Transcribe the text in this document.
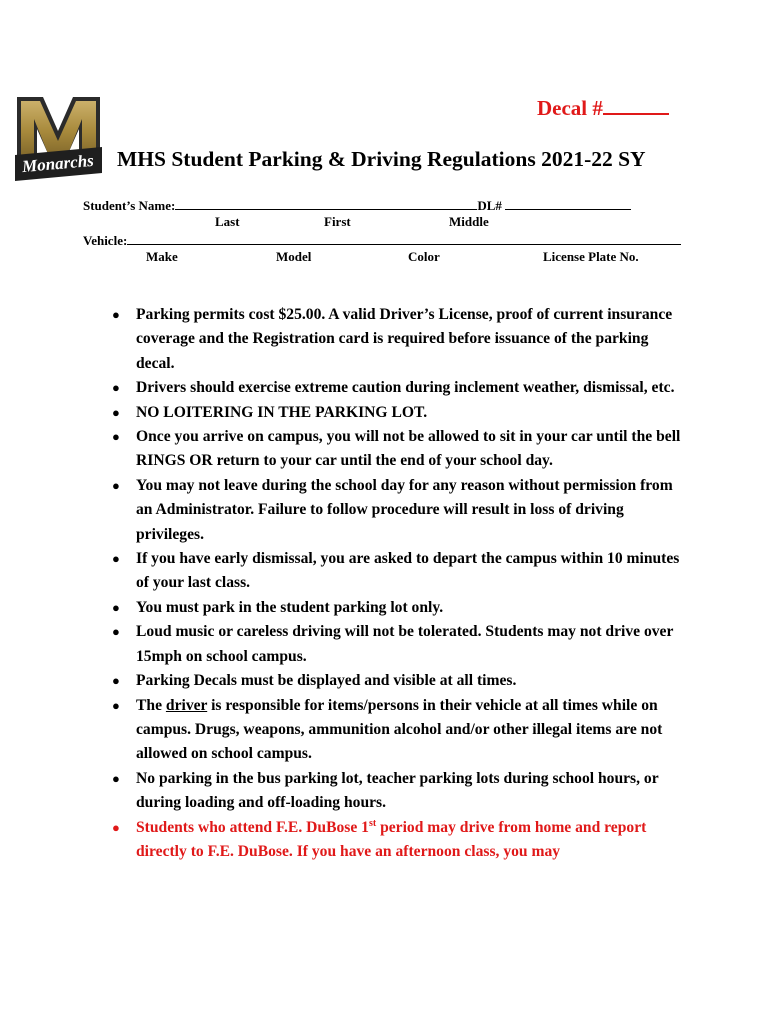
Monarchs
Decal #
MHS Student Parking & Driving Regulations 2021-22 SY
Student’s Name:	DL#
Last	First	Middle
Vehicle:
Make	Model	Color	License Plate No.
● Parking permits cost $25.00. A valid Driver’s License, proof of current insurance coverage and the Registration card is required before issuance of the parking decal.
● Drivers should exercise extreme caution during inclement weather, dismissal, etc.
● NO LOITERING IN THE PARKING LOT.
● Once you arrive on campus, you will not be allowed to sit in your car until the bell RINGS OR return to your car until the end of your school day.
● You may not leave during the school day for any reason without permission from an Administrator. Failure to follow procedure will result in loss of driving privileges.
● If you have early dismissal, you are asked to depart the campus within 10 minutes of your last class.
● You must park in the student parking lot only.
● Loud music or careless driving will not be tolerated. Students may not drive over 15mph on school campus.
● Parking Decals must be displayed and visible at all times.
● The driver is responsible for items/persons in their vehicle at all times while on campus. Drugs, weapons, ammunition alcohol and/or other illegal items are not allowed on school campus.
● No parking in the bus parking lot, teacher parking lots during school hours, or during loading and off-loading hours.
● Students who attend F.E. DuBose 1st period may drive from home and report directly to F.E. DuBose. If you have an afternoon class, you may
